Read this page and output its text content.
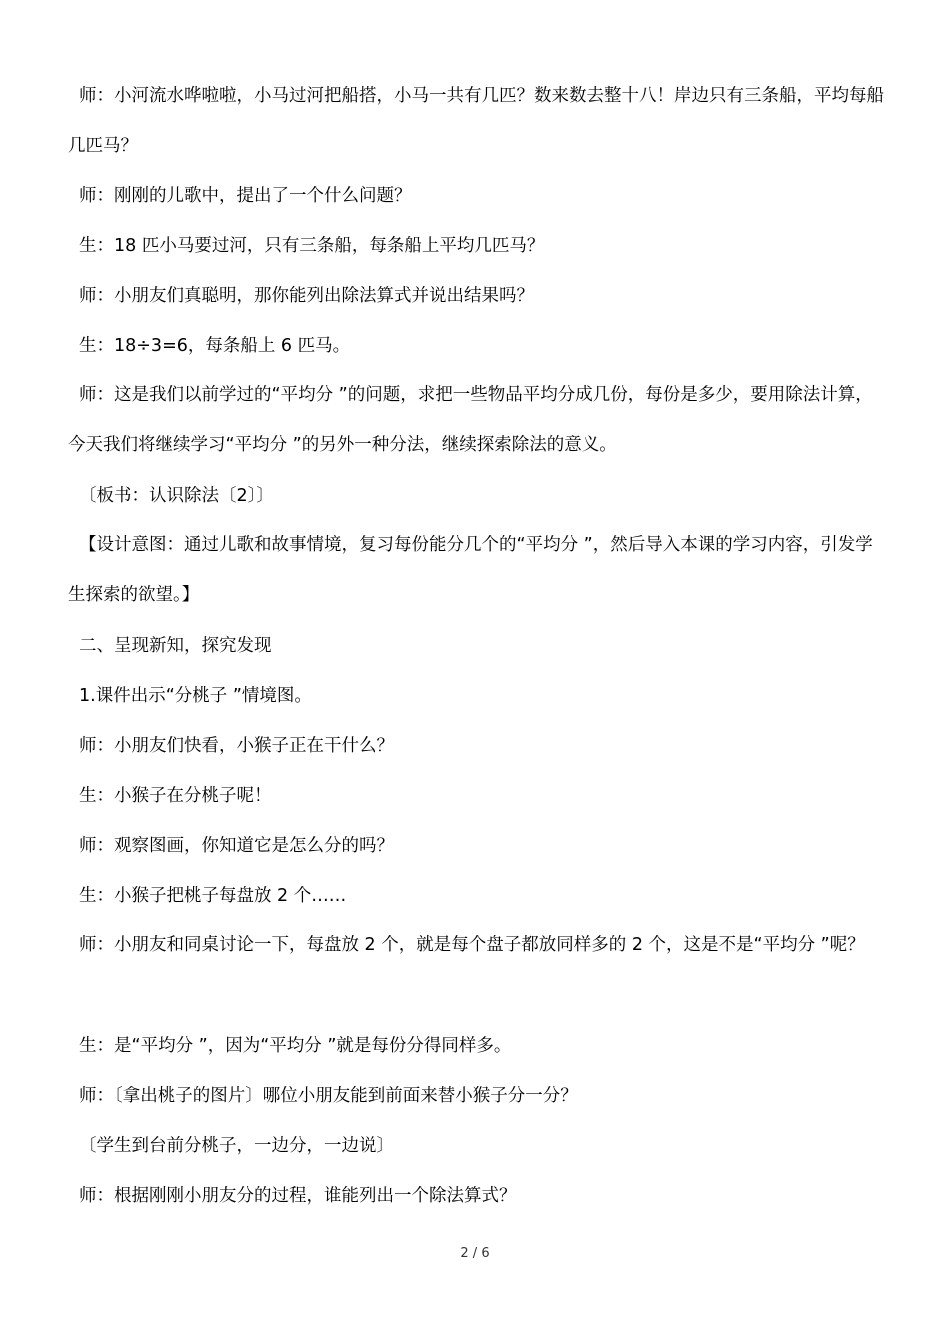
师：小河流水哗啦啦，小马过河把船搭，小马一共有几匹？数来数去整十八！岸边只有三条船，平均每船几匹马？
师：刚刚的儿歌中，提出了一个什么问题？
生：18 匹小马要过河，只有三条船，每条船上平均几匹马？
师：小朋友们真聪明，那你能列出除法算式并说出结果吗？
生：18÷3=6，每条船上 6 匹马。
师：这是我们以前学过的“平均分 ”的问题，求把一些物品平均分成几份，每份是多少，要用除法计算，今天我们将继续学习“平均分 ”的另外一种分法，继续探索除法的意义。
〔板书：认识除法〔2〕〕
【设计意图：通过儿歌和故事情境，复习每份能分几个的“平均分 ”，然后导入本课的学习内容，引发学生探索的欲望。】
二、呈现新知，探究发现
1.课件出示“分桃子 ”情境图。
师：小朋友们快看，小猴子正在干什么？
生：小猴子在分桃子呢！
师：观察图画，你知道它是怎么分的吗？
生：小猴子把桃子每盘放 2 个……
师：小朋友和同桌讨论一下，每盘放 2 个，就是每个盘子都放同样多的 2 个，这是不是“平均分 ”呢？
生：是“平均分 ”，因为“平均分 ”就是每份分得同样多。
师：〔拿出桃子的图片〕哪位小朋友能到前面来替小猴子分一分？
〔学生到台前分桃子，一边分，一边说〕
师：根据刚刚小朋友分的过程，谁能列出一个除法算式？
2 / 6
